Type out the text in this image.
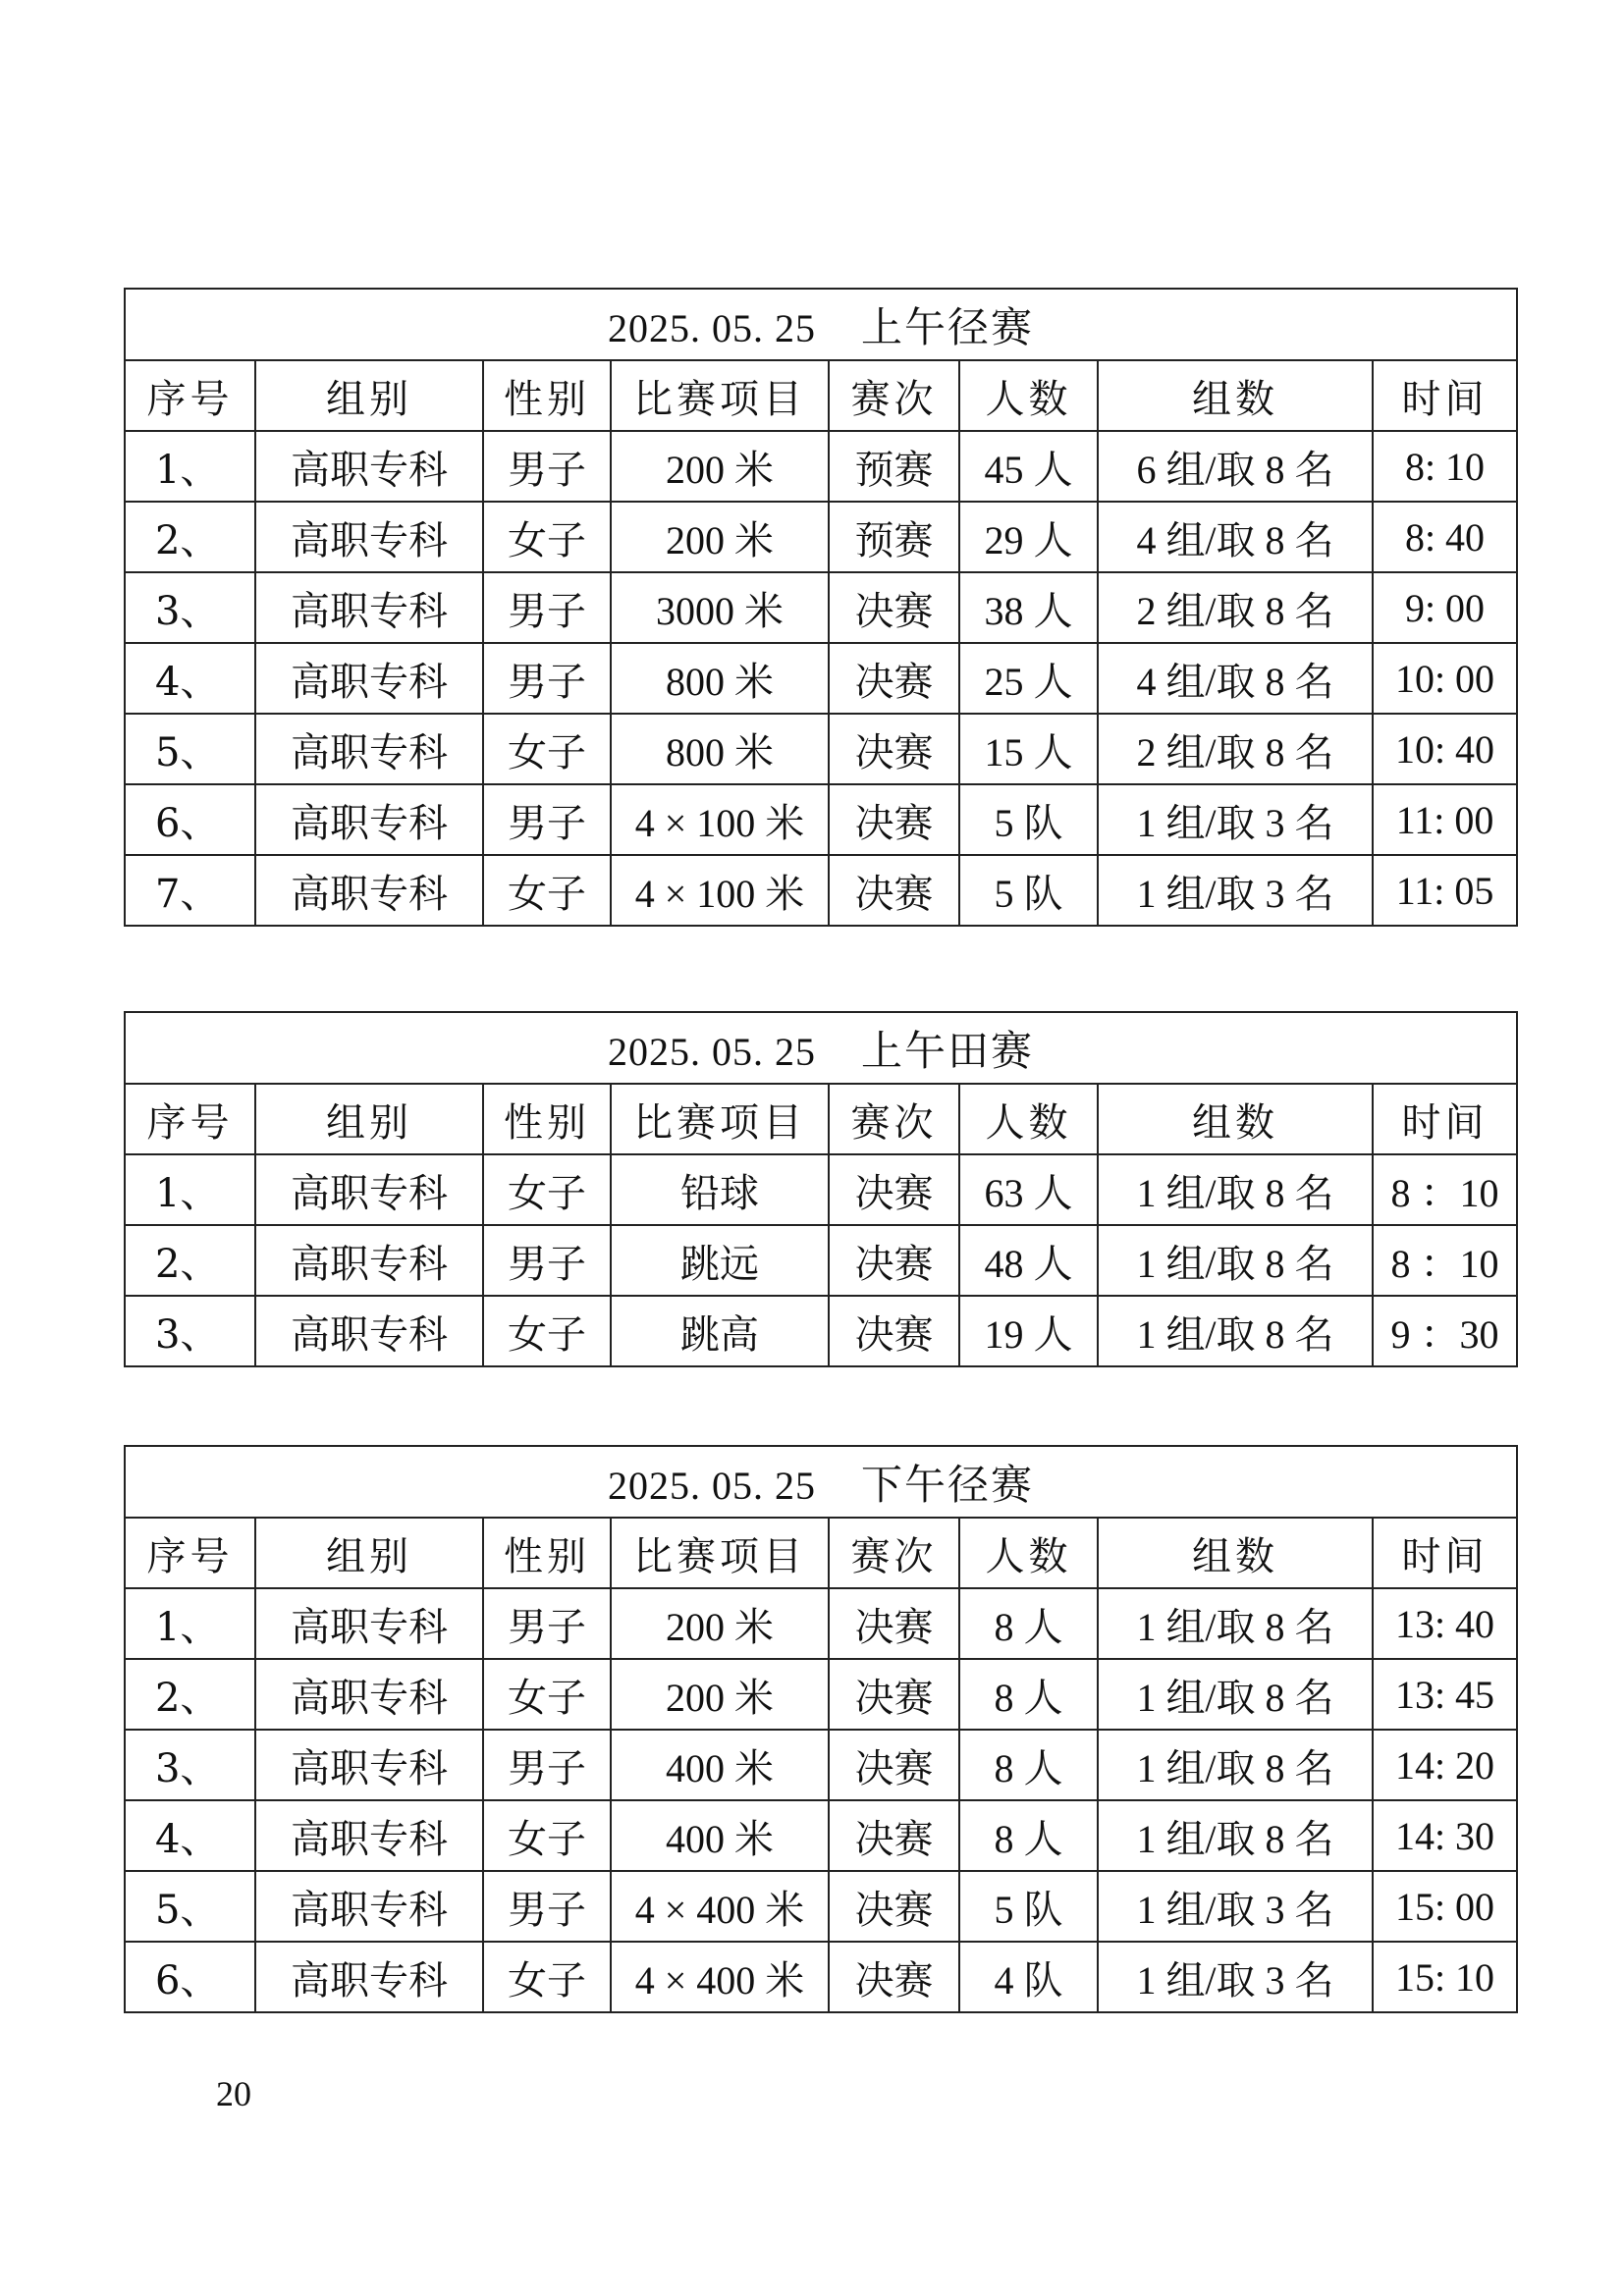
2025. 05. 25 上午径赛							
序号	组别	性别	比赛项目	赛次	人数	组数	时间
1、	高职专科	男子	200 米	预赛	45 人	6 组/取 8 名	8: 10
2、	高职专科	女子	200 米	预赛	29 人	4 组/取 8 名	8: 40
3、	高职专科	男子	3000 米	决赛	38 人	2 组/取 8 名	9: 00
4、	高职专科	男子	800 米	决赛	25 人	4 组/取 8 名	10: 00
5、	高职专科	女子	800 米	决赛	15 人	2 组/取 8 名	10: 40
6、	高职专科	男子	4 × 100 米	决赛	5 队	1 组/取 3 名	11: 00
7、	高职专科	女子	4 × 100 米	决赛	5 队	1 组/取 3 名	11: 05
2025. 05. 25 上午田赛							
序号	组别	性别	比赛项目	赛次	人数	组数	时间
1、	高职专科	女子	铅球	决赛	63 人	1 组/取 8 名	8 ：10
2、	高职专科	男子	跳远	决赛	48 人	1 组/取 8 名	8 ：10
3、	高职专科	女子	跳高	决赛	19 人	1 组/取 8 名	9 ：30
2025. 05. 25 下午径赛							
序号	组别	性别	比赛项目	赛次	人数	组数	时间
1、	高职专科	男子	200 米	决赛	8 人	1 组/取 8 名	13: 40
2、	高职专科	女子	200 米	决赛	8 人	1 组/取 8 名	13: 45
3、	高职专科	男子	400 米	决赛	8 人	1 组/取 8 名	14: 20
4、	高职专科	女子	400 米	决赛	8 人	1 组/取 8 名	14: 30
5、	高职专科	男子	4 × 400 米	决赛	5 队	1 组/取 3 名	15: 00
6、	高职专科	女子	4 × 400 米	决赛	4 队	1 组/取 3 名	15: 10
20
